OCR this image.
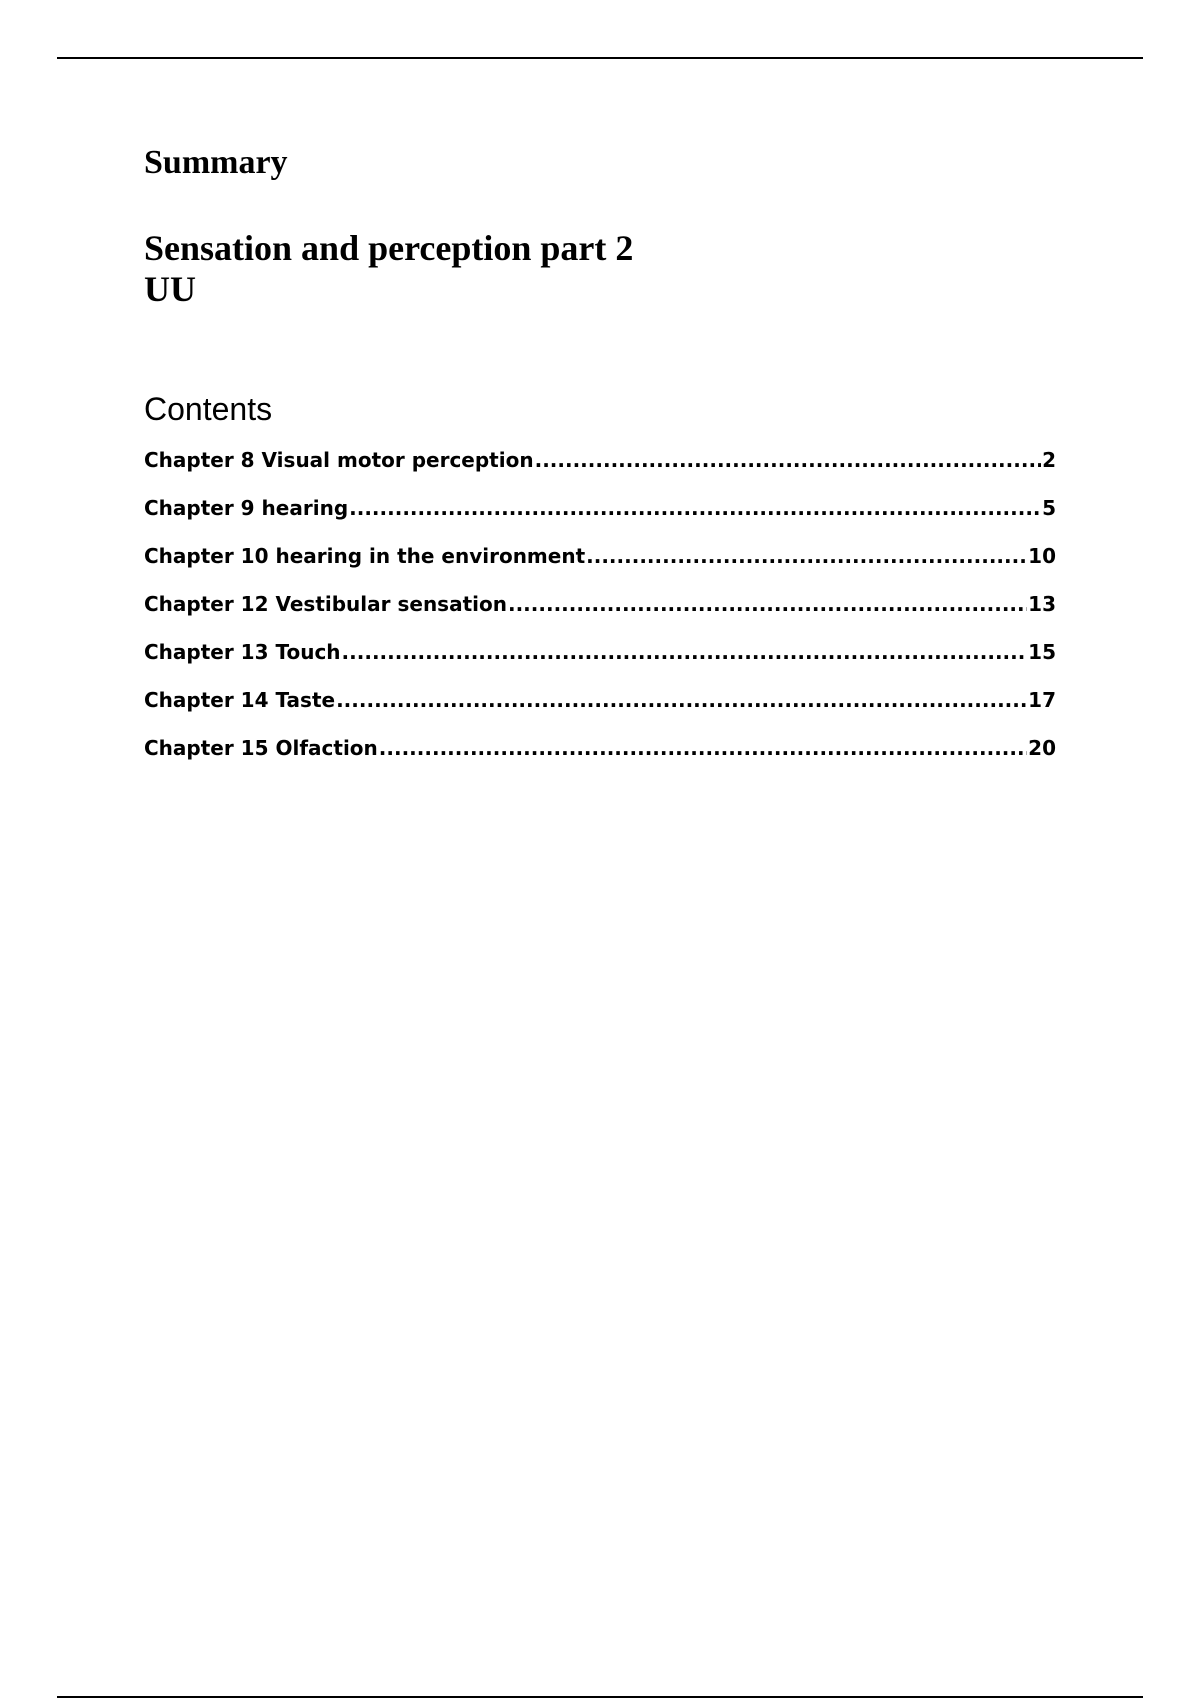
Summary
Sensation and perception part 2
UU
Contents
Chapter 8 Visual motor perception .....	2
Chapter 9 hearing .....	5
Chapter 10 hearing in the environment .....	10
Chapter 12 Vestibular sensation .....	13
Chapter 13 Touch .....	15
Chapter 14 Taste .....	17
Chapter 15 Olfaction .....	20
